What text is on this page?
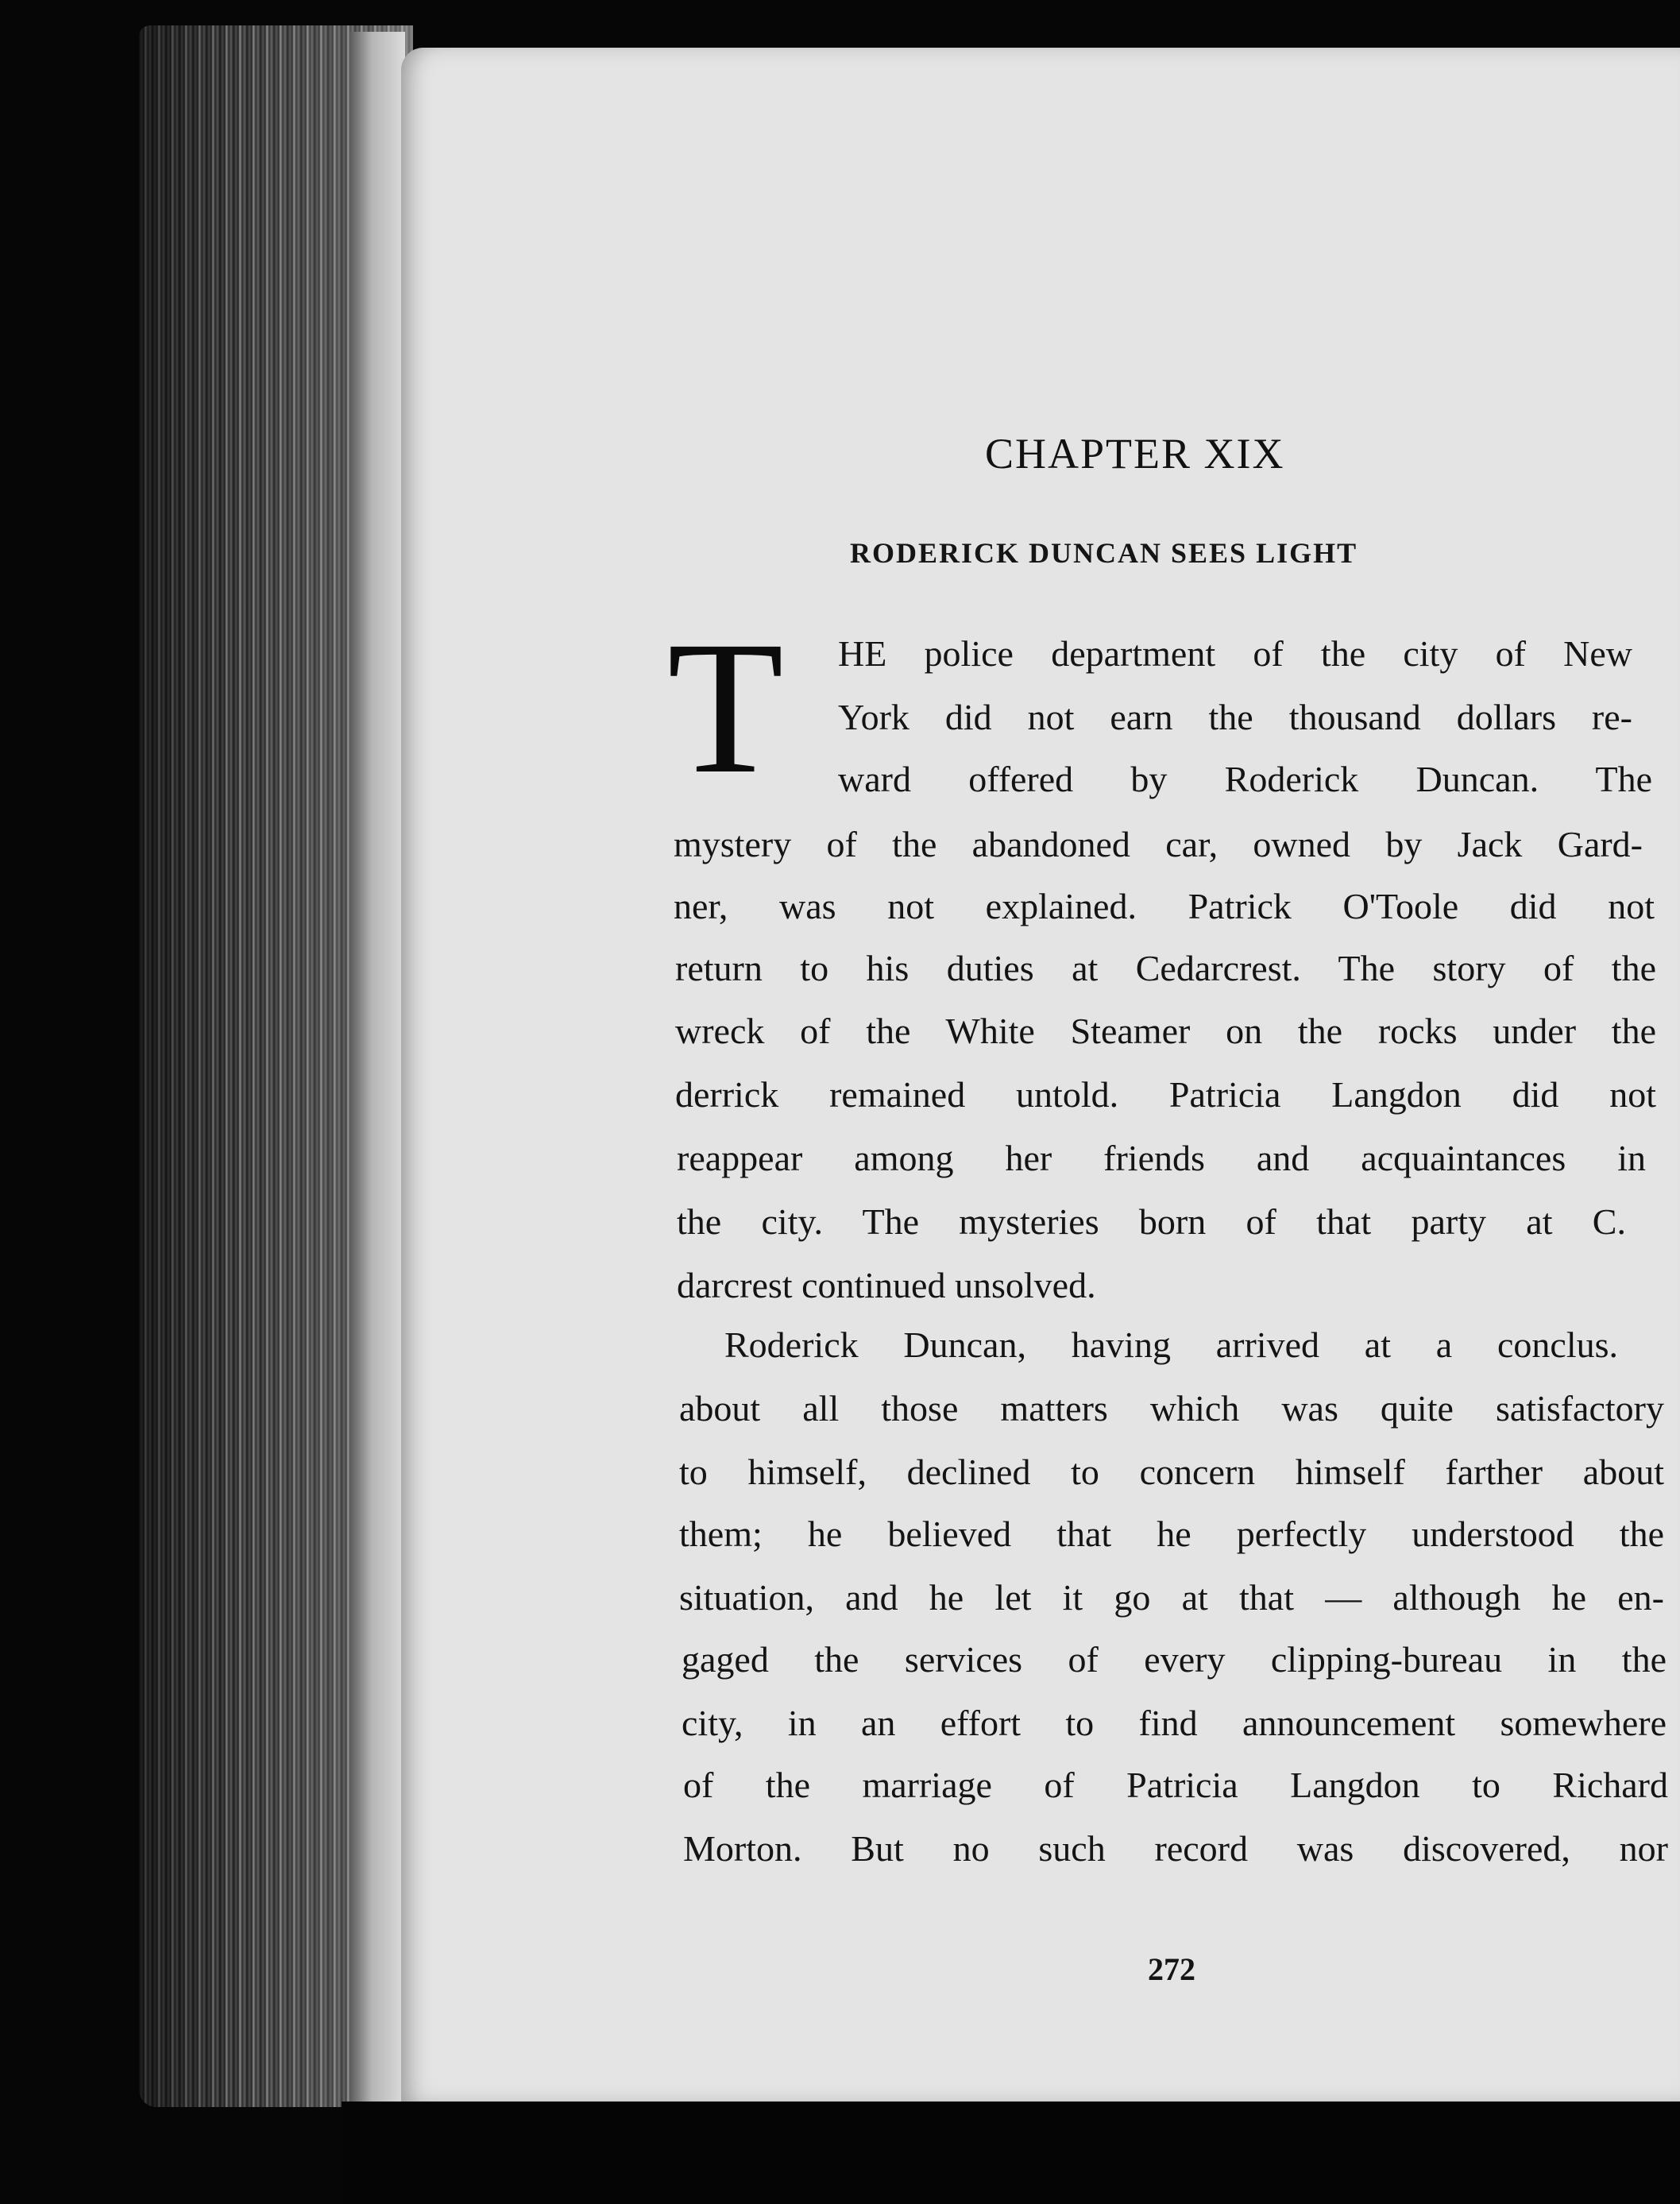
CHAPTER XIX
RODERICK DUNCAN SEES LIGHT
T HE police department of the city of New
York did not earn the thousand dollars re-
ward offered by Roderick Duncan. The
mystery of the abandoned car, owned by Jack Gard-
ner, was not explained. Patrick O'Toole did not
return to his duties at Cedarcrest. The story of the
wreck of the White Steamer on the rocks under the
derrick remained untold. Patricia Langdon did not
reappear among her friends and acquaintances in
the city. The mysteries born of that party at C.
darcrest continued unsolved.
Roderick Duncan, having arrived at a conclus.
about all those matters which was quite satisfactory
to himself, declined to concern himself farther about
them; he believed that he perfectly understood the
situation, and he let it go at that — although he en-
gaged the services of every clipping-bureau in the
city, in an effort to find announcement somewhere
of the marriage of Patricia Langdon to Richard
Morton. But no such record was discovered, nor
272
